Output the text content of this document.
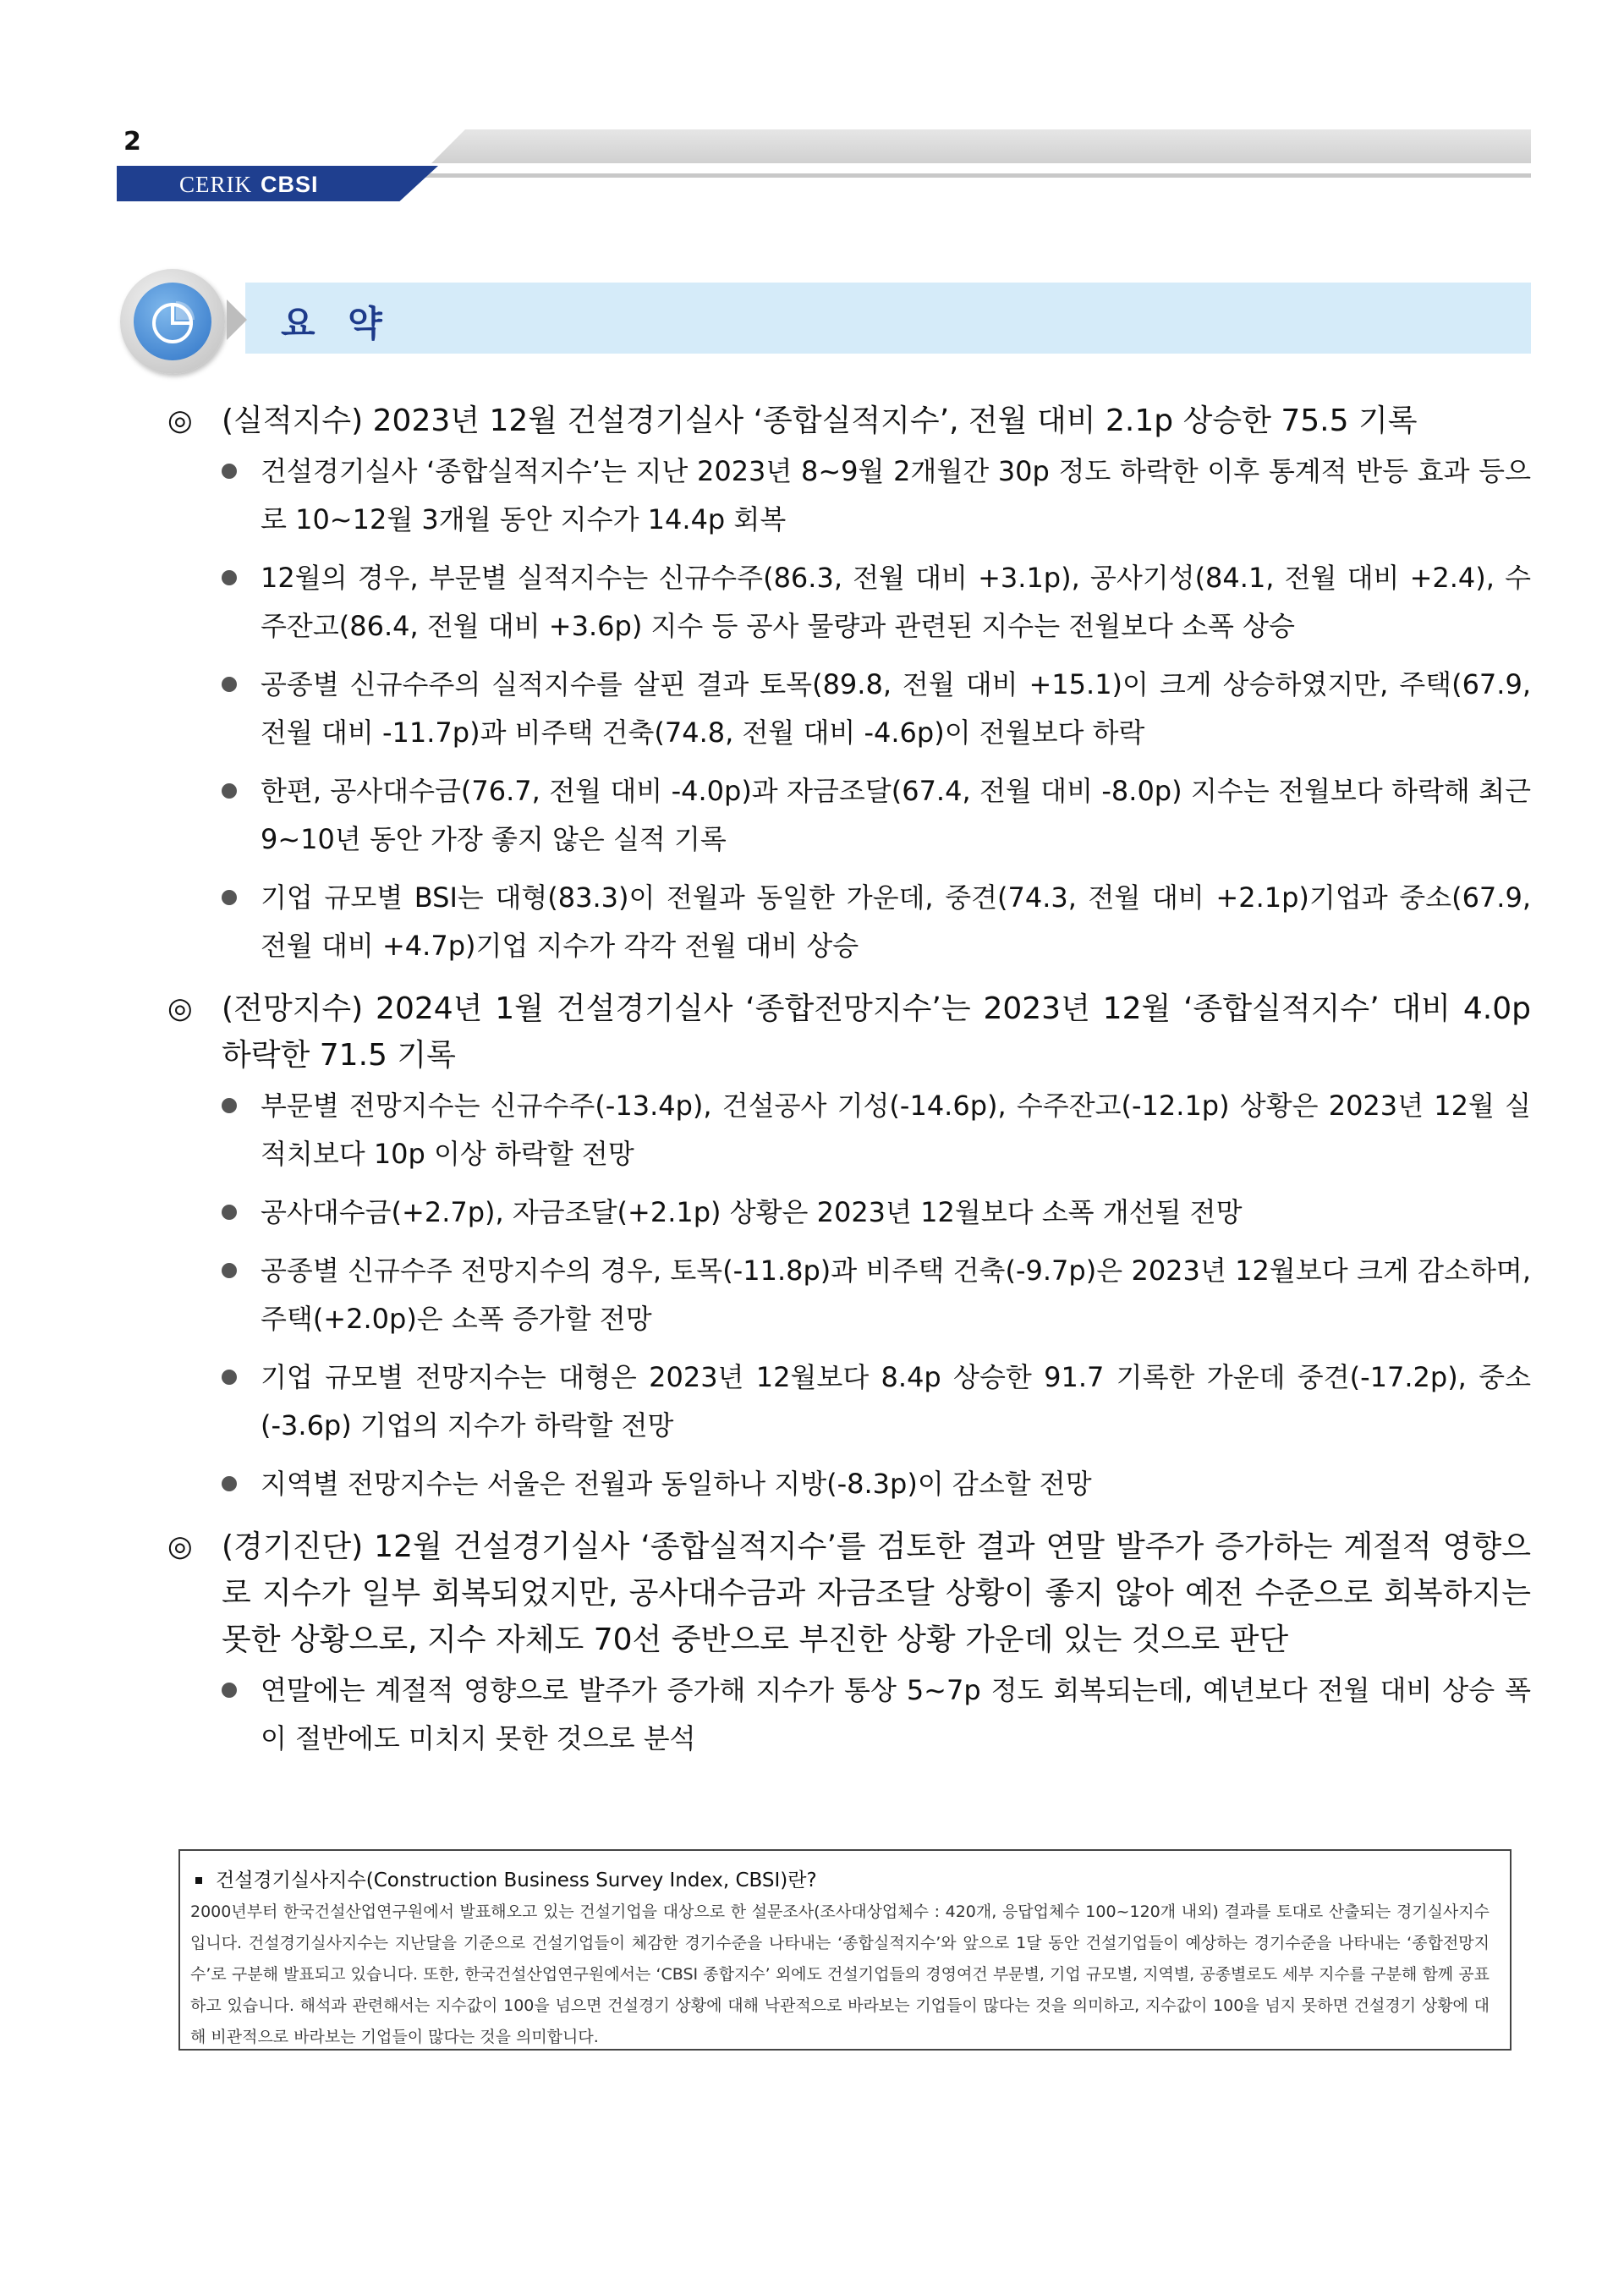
2
CERIK CBSI
요 약
◎ (실적지수) 2023년 12월 건설경기실사 ‘종합실적지수’, 전월 대비 2.1p 상승한 75.5 기록
건설경기실사 ‘종합실적지수’는 지난 2023년 8~9월 2개월간 30p 정도 하락한 이후 통계적 반등 효과 등으로 10~12월 3개월 동안 지수가 14.4p 회복
12월의 경우, 부문별 실적지수는 신규수주(86.3, 전월 대비 +3.1p), 공사기성(84.1, 전월 대비 +2.4), 수주잔고(86.4, 전월 대비 +3.6p) 지수 등 공사 물량과 관련된 지수는 전월보다 소폭 상승
공종별 신규수주의 실적지수를 살핀 결과 토목(89.8, 전월 대비 +15.1)이 크게 상승하였지만, 주택(67.9, 전월 대비 -11.7p)과 비주택 건축(74.8, 전월 대비 -4.6p)이 전월보다 하락
한편, 공사대수금(76.7, 전월 대비 -4.0p)과 자금조달(67.4, 전월 대비 -8.0p) 지수는 전월보다 하락해 최근 9~10년 동안 가장 좋지 않은 실적 기록
기업 규모별 BSI는 대형(83.3)이 전월과 동일한 가운데, 중견(74.3, 전월 대비 +2.1p)기업과 중소(67.9, 전월 대비 +4.7p)기업 지수가 각각 전월 대비 상승
◎ (전망지수) 2024년 1월 건설경기실사 ‘종합전망지수’는 2023년 12월 ‘종합실적지수’ 대비 4.0p 하락한 71.5 기록
부문별 전망지수는 신규수주(-13.4p), 건설공사 기성(-14.6p), 수주잔고(-12.1p) 상황은 2023년 12월 실적치보다 10p 이상 하락할 전망
공사대수금(+2.7p), 자금조달(+2.1p) 상황은 2023년 12월보다 소폭 개선될 전망
공종별 신규수주 전망지수의 경우, 토목(-11.8p)과 비주택 건축(-9.7p)은 2023년 12월보다 크게 감소하며, 주택(+2.0p)은 소폭 증가할 전망
기업 규모별 전망지수는 대형은 2023년 12월보다 8.4p 상승한 91.7 기록한 가운데 중견(-17.2p), 중소(-3.6p) 기업의 지수가 하락할 전망
지역별 전망지수는 서울은 전월과 동일하나 지방(-8.3p)이 감소할 전망
◎ (경기진단) 12월 건설경기실사 ‘종합실적지수’를 검토한 결과 연말 발주가 증가하는 계절적 영향으로 지수가 일부 회복되었지만, 공사대수금과 자금조달 상황이 좋지 않아 예전 수준으로 회복하지는 못한 상황으로, 지수 자체도 70선 중반으로 부진한 상황 가운데 있는 것으로 판단
연말에는 계절적 영향으로 발주가 증가해 지수가 통상 5~7p 정도 회복되는데, 예년보다 전월 대비 상승 폭이 절반에도 미치지 못한 것으로 분석
건설경기실사지수(Construction Business Survey Index, CBSI)란?
2000년부터 한국건설산업연구원에서 발표해오고 있는 건설기업을 대상으로 한 설문조사(조사대상업체수 : 420개, 응답업체수 100~120개 내외) 결과를 토대로 산출되는 경기실사지수입니다. 건설경기실사지수는 지난달을 기준으로 건설기업들이 체감한 경기수준을 나타내는 ‘종합실적지수’와 앞으로 1달 동안 건설기업들이 예상하는 경기수준을 나타내는 ‘종합전망지수’로 구분해 발표되고 있습니다. 또한, 한국건설산업연구원에서는 ‘CBSI 종합지수’ 외에도 건설기업들의 경영여건 부문별, 기업 규모별, 지역별, 공종별로도 세부 지수를 구분해 함께 공표하고 있습니다. 해석과 관련해서는 지수값이 100을 넘으면 건설경기 상황에 대해 낙관적으로 바라보는 기업들이 많다는 것을 의미하고, 지수값이 100을 넘지 못하면 건설경기 상황에 대해 비관적으로 바라보는 기업들이 많다는 것을 의미합니다.
